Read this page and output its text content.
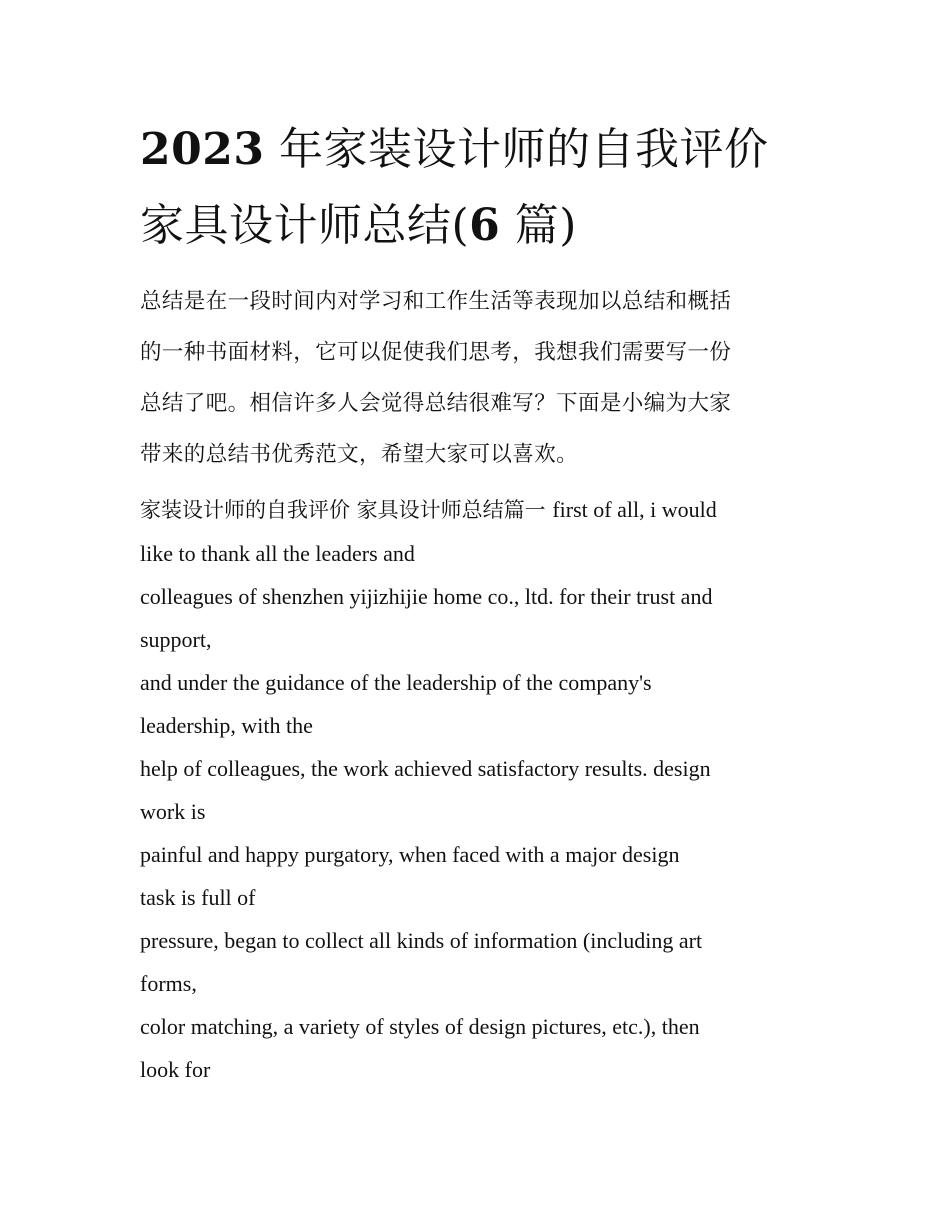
2023 年家装设计师的自我评价
家具设计师总结(6 篇)
总结是在一段时间内对学习和工作生活等表现加以总结和概括
的一种书面材料，它可以促使我们思考，我想我们需要写一份
总结了吧。相信许多人会觉得总结很难写？下面是小编为大家
带来的总结书优秀范文，希望大家可以喜欢。
家装设计师的自我评价 家具设计师总结篇一 first of all, i would
like to thank all the leaders and
colleagues of shenzhen yijizhijie home co., ltd. for their trust and
support,
and under the guidance of the leadership of the company's
leadership, with the
help of colleagues, the work achieved satisfactory results. design
work is
painful and happy purgatory, when faced with a major design
task is full of
pressure, began to collect all kinds of information (including art
forms,
color matching, a variety of styles of design pictures, etc.), then
look for
